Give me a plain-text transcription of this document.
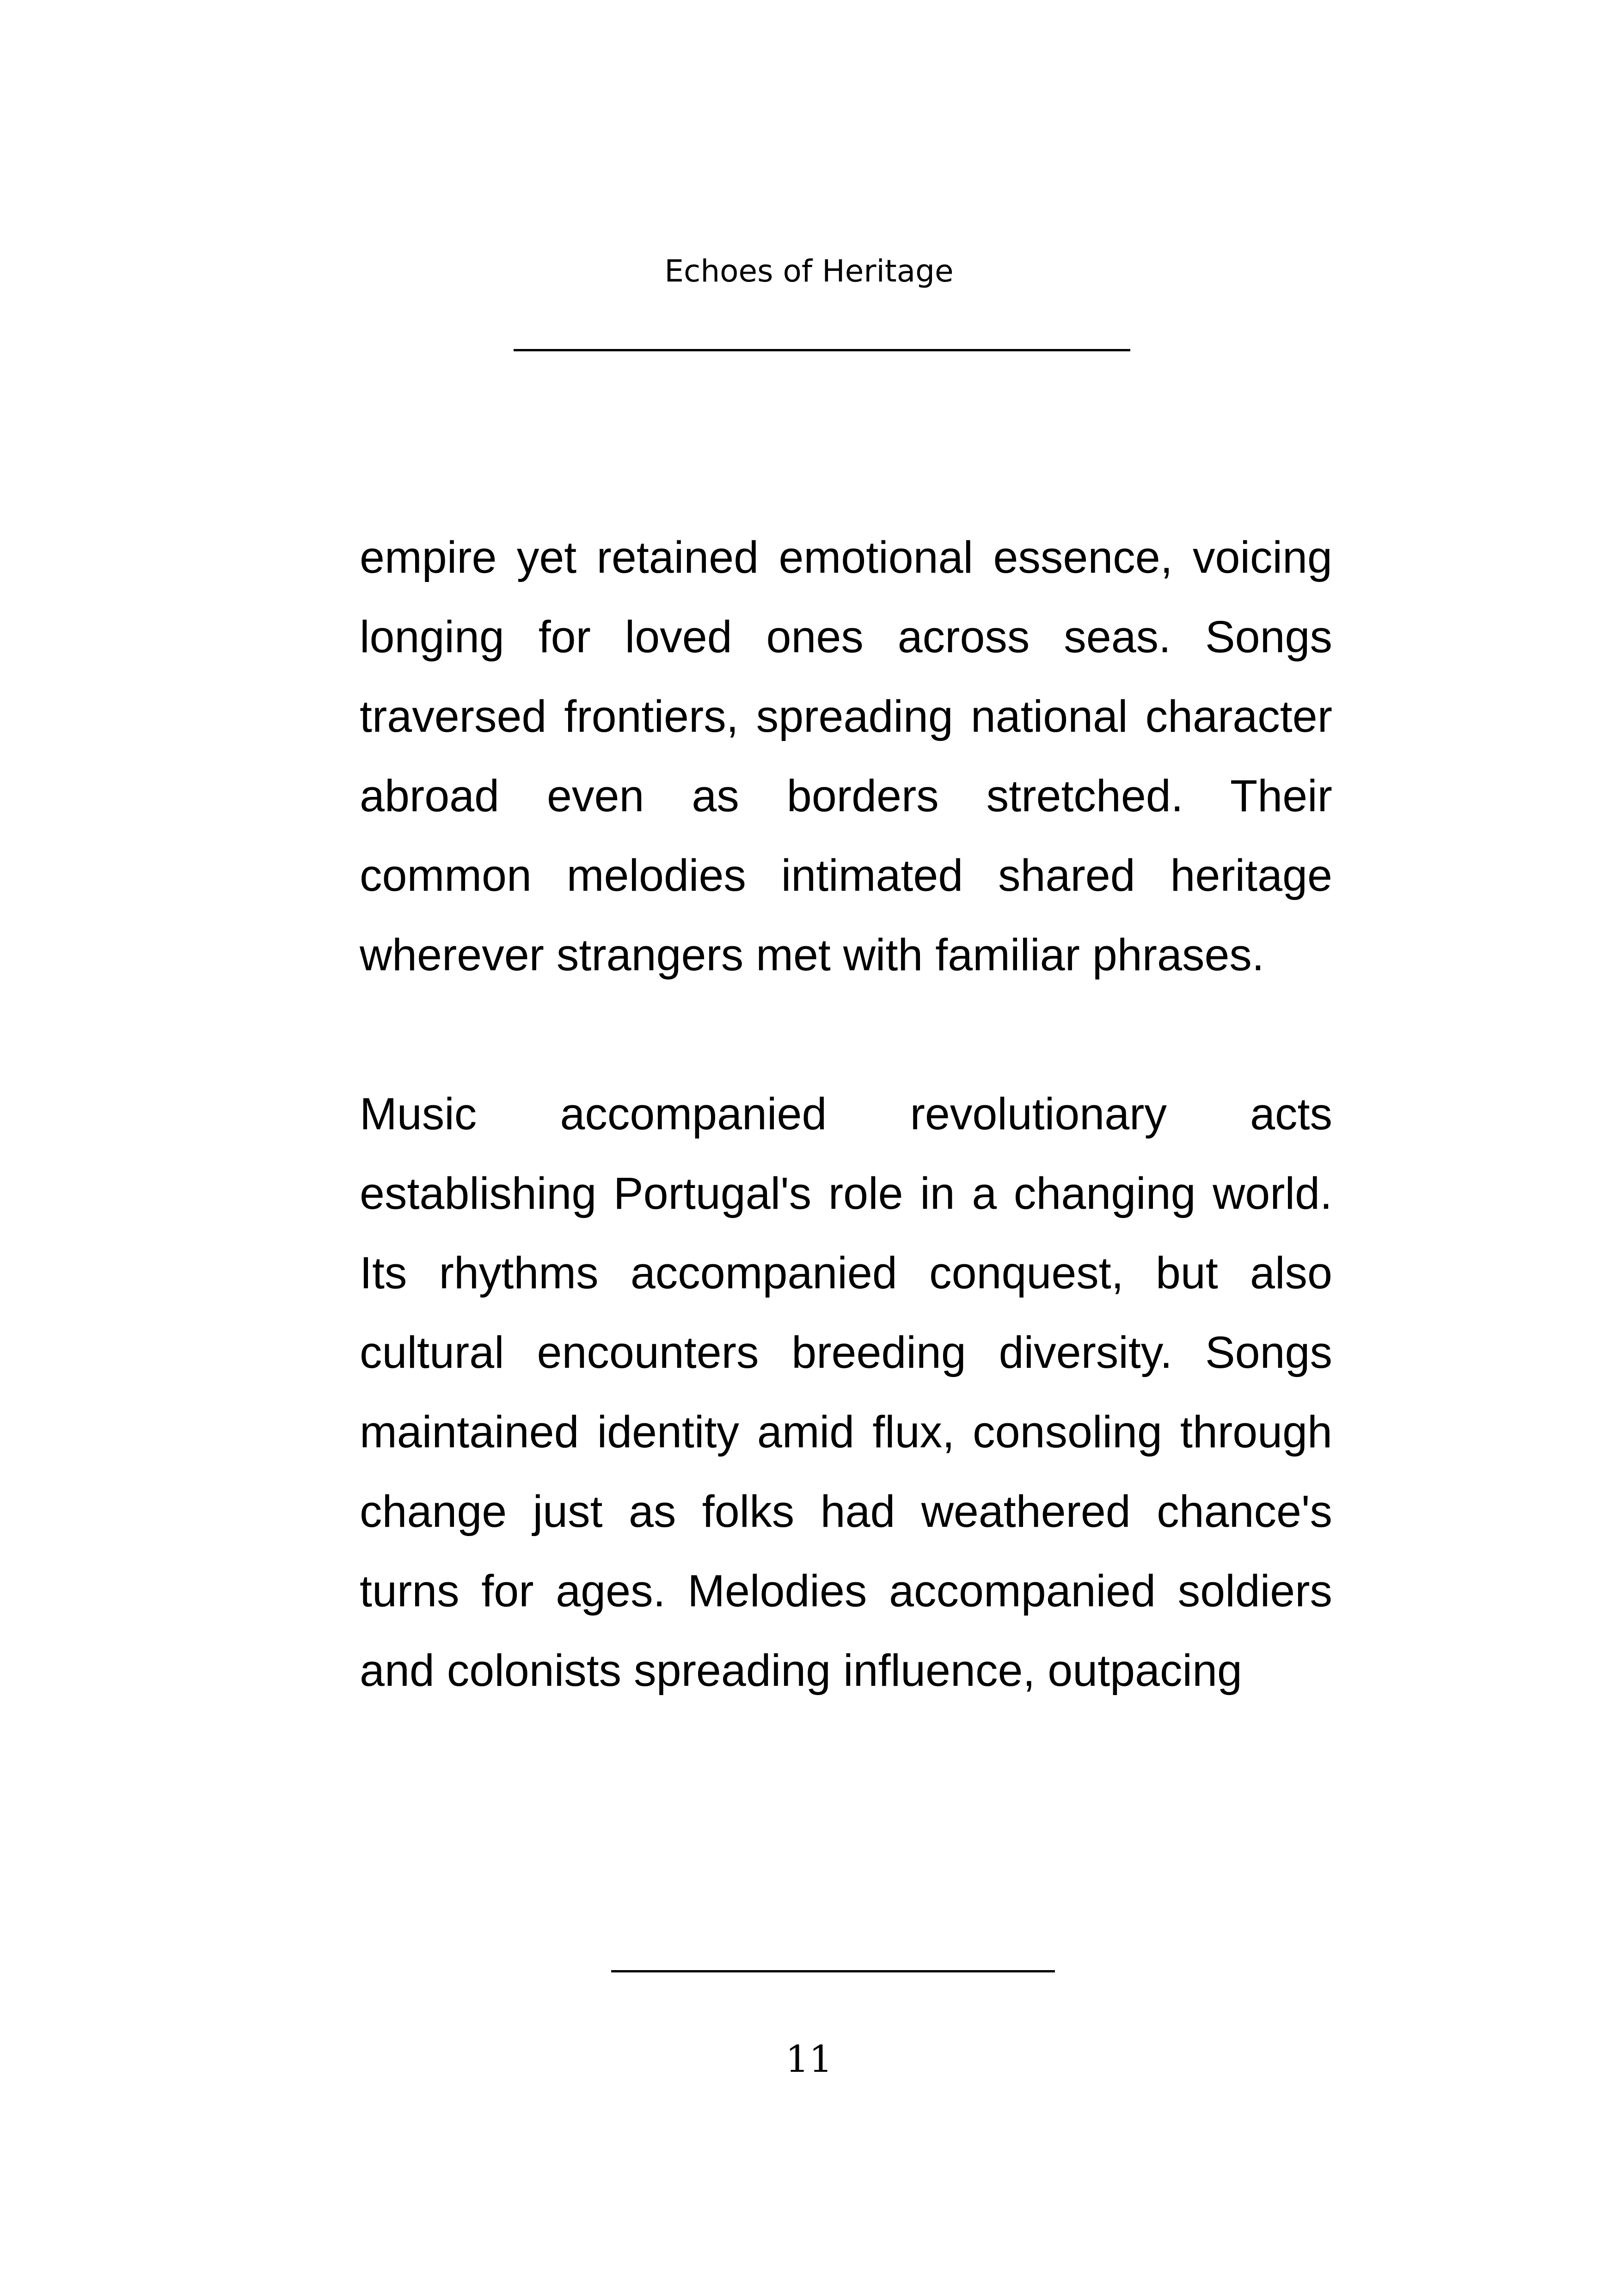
Echoes of Heritage

empire yet retained emotional essence, voicing longing for loved ones across seas. Songs traversed frontiers, spreading national character abroad even as borders stretched. Their common melodies intimated shared heritage wherever strangers met with familiar phrases.

Music accompanied revolutionary acts establishing Portugal's role in a changing world. Its rhythms accompanied conquest, but also cultural encounters breeding diversity. Songs maintained identity amid flux, consoling through change just as folks had weathered chance's turns for ages. Melodies accompanied soldiers and colonists spreading influence, outpacing

11
